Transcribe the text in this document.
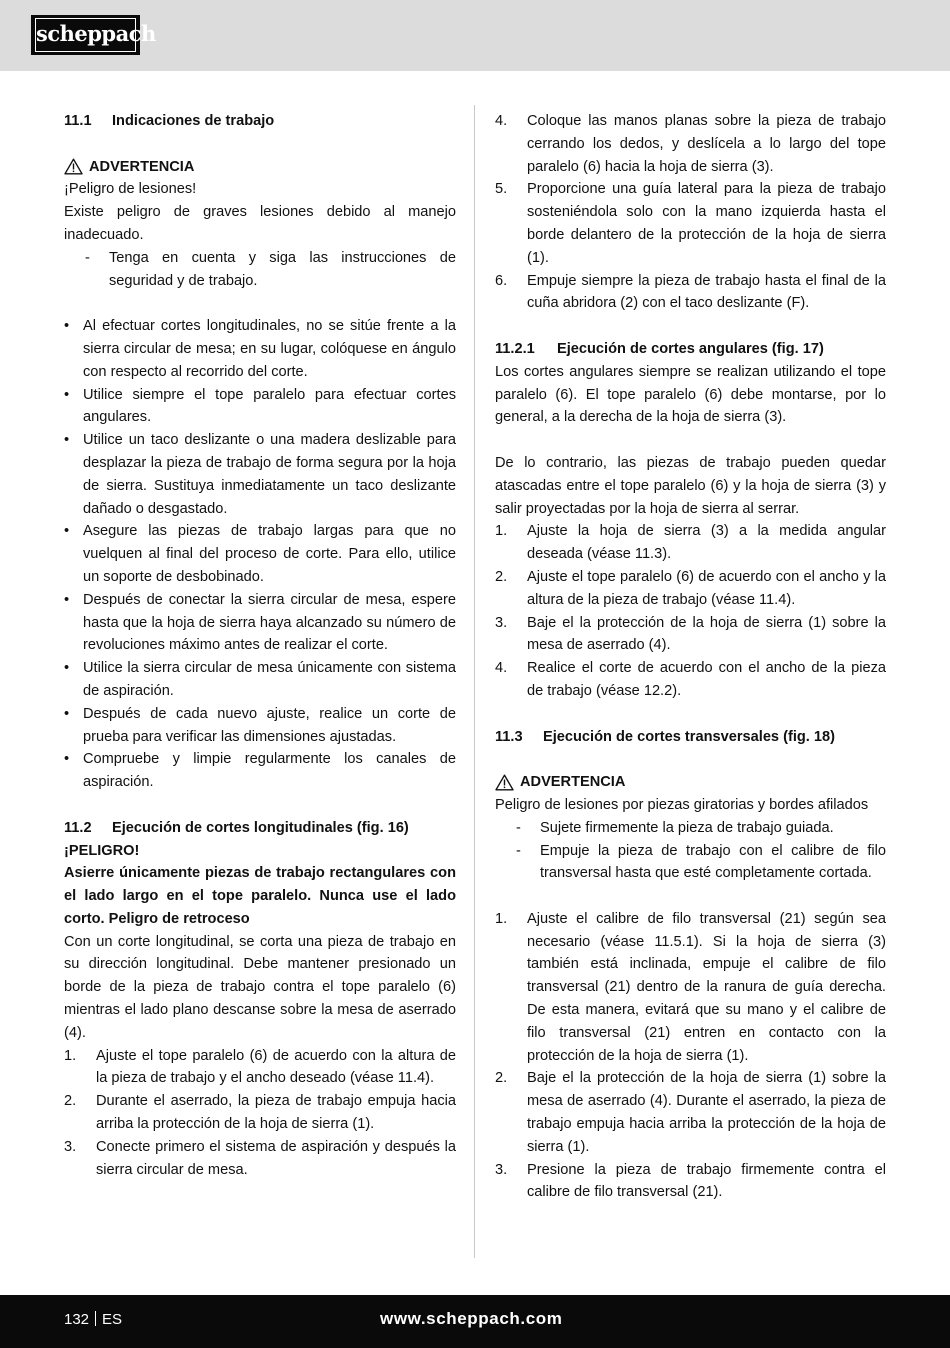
scheppach
11.1 Indicaciones de trabajo
ADVERTENCIA

¡Peligro de lesiones!

Existe peligro de graves lesiones debido al manejo inadecuado.

- Tenga en cuenta y siga las instrucciones de seguridad y de trabajo.
• Al efectuar cortes longitudinales, no se sitúe frente a la sierra circular de mesa; en su lugar, colóquese en ángulo con respecto al recorrido del corte.
• Utilice siempre el tope paralelo para efectuar cortes angulares.
• Utilice un taco deslizante o una madera deslizable para desplazar la pieza de trabajo de forma segura por la hoja de sierra. Sustituya inmediatamente un taco deslizante dañado o desgastado.
• Asegure las piezas de trabajo largas para que no vuelquen al final del proceso de corte. Para ello, utilice un soporte de desbobinado.
• Después de conectar la sierra circular de mesa, espere hasta que la hoja de sierra haya alcanzado su número de revoluciones máximo antes de realizar el corte.
• Utilice la sierra circular de mesa únicamente con sistema de aspiración.
• Después de cada nuevo ajuste, realice un corte de prueba para verificar las dimensiones ajustadas.
• Compruebe y limpie regularmente los canales de aspiración.
11.2 Ejecución de cortes longitudinales (fig. 16)

¡PELIGRO!

Asierre únicamente piezas de trabajo rectangulares con el lado largo en el tope paralelo. Nunca use el lado corto. Peligro de retroceso

Con un corte longitudinal, se corta una pieza de trabajo en su dirección longitudinal. Debe mantener presionado un borde de la pieza de trabajo contra el tope paralelo (6) mientras el lado plano descanse sobre la mesa de aserrado (4).

1. Ajuste el tope paralelo (6) de acuerdo con la altura de la pieza de trabajo y el ancho deseado (véase 11.4).
2. Durante el aserrado, la pieza de trabajo empuja hacia arriba la protección de la hoja de sierra (1).
3. Conecte primero el sistema de aspiración y después la sierra circular de mesa.
4. Coloque las manos planas sobre la pieza de trabajo cerrando los dedos, y deslícela a lo largo del tope paralelo (6) hacia la hoja de sierra (3).
5. Proporcione una guía lateral para la pieza de trabajo sosteniéndola solo con la mano izquierda hasta el borde delantero de la protección de la hoja de sierra (1).
6. Empuje siempre la pieza de trabajo hasta el final de la cuña abridora (2) con el taco deslizante (F).
11.2.1 Ejecución de cortes angulares (fig. 17)

Los cortes angulares siempre se realizan utilizando el tope paralelo (6). El tope paralelo (6) debe montarse, por lo general, a la derecha de la hoja de sierra (3).

De lo contrario, las piezas de trabajo pueden quedar atascadas entre el tope paralelo (6) y la hoja de sierra (3) y salir proyectadas por la hoja de sierra al serrar.

1. Ajuste la hoja de sierra (3) a la medida angular deseada (véase 11.3).
2. Ajuste el tope paralelo (6) de acuerdo con el ancho y la altura de la pieza de trabajo (véase 11.4).
3. Baje el la protección de la hoja de sierra (1) sobre la mesa de aserrado (4).
4. Realice el corte de acuerdo con el ancho de la pieza de trabajo (véase 12.2).
11.3 Ejecución de cortes transversales (fig. 18)
ADVERTENCIA

Peligro de lesiones por piezas giratorias y bordes afilados

- Sujete firmemente la pieza de trabajo guiada.
- Empuje la pieza de trabajo con el calibre de filo transversal hasta que esté completamente cortada.
1. Ajuste el calibre de filo transversal (21) según sea necesario (véase 11.5.1). Si la hoja de sierra (3) también está inclinada, empuje el calibre de filo transversal (21) dentro de la ranura de guía derecha. De esta manera, evitará que su mano y el calibre de filo transversal (21) entren en contacto con la protección de la hoja de sierra (1).
2. Baje el la protección de la hoja de sierra (1) sobre la mesa de aserrado (4). Durante el aserrado, la pieza de trabajo empuja hacia arriba la protección de la hoja de sierra (1).
3. Presione la pieza de trabajo firmemente contra el calibre de filo transversal (21).
132 ES	www.scheppach.com
